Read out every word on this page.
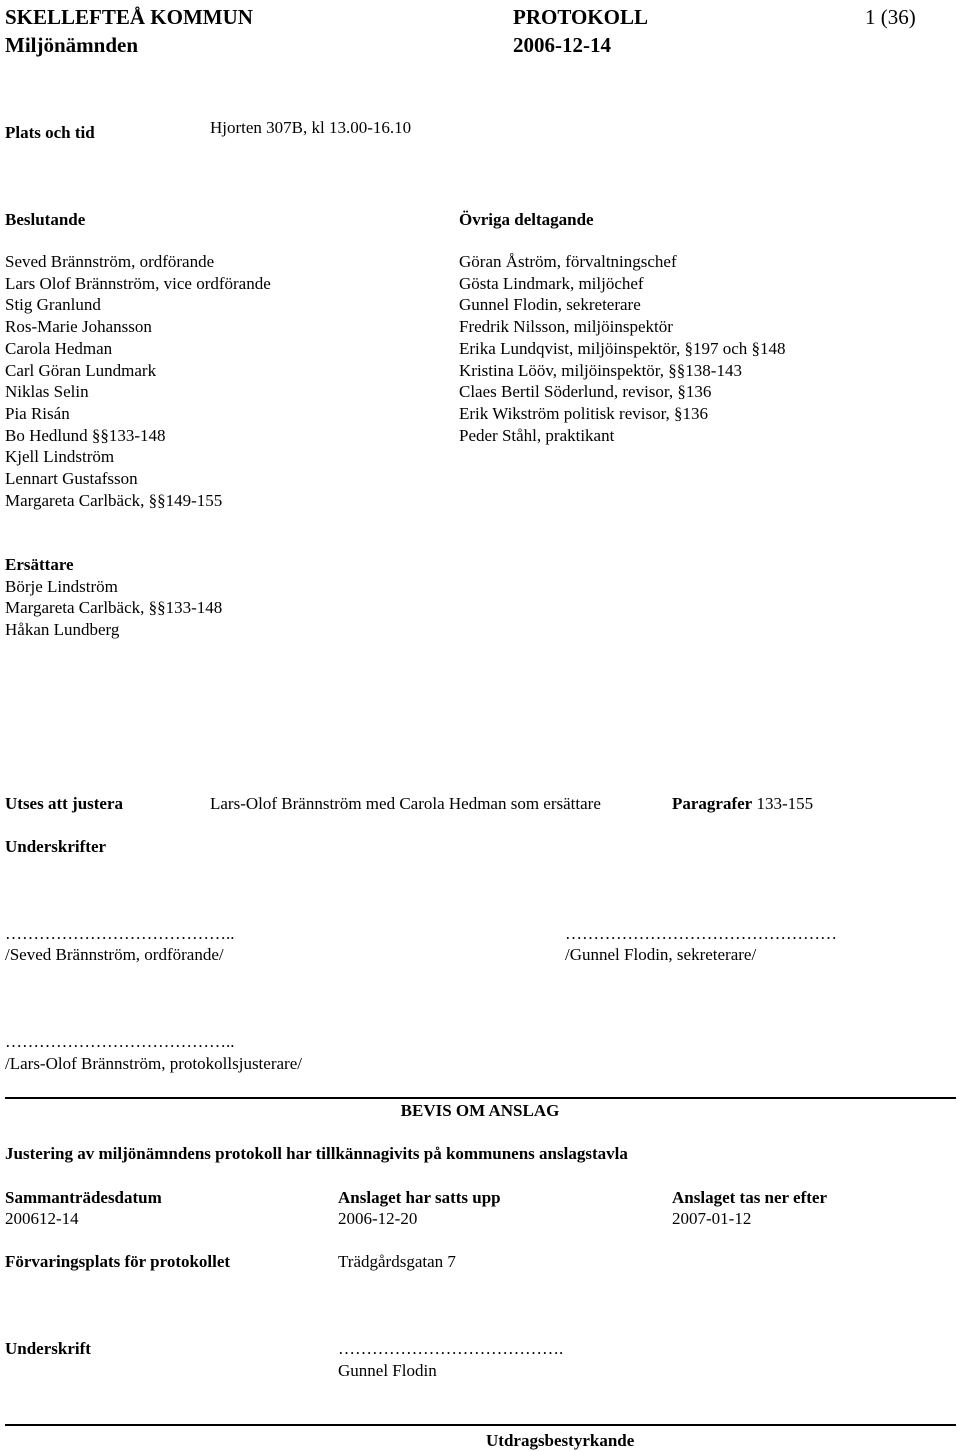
SKELLEFTEÅ KOMMUN	PROTOKOLL	1 (36)
Miljönämnden	2006-12-14
Plats och tid	Hjorten 307B, kl 13.00-16.10
Beslutande
Seved Brännström, ordförande
Lars Olof Brännström, vice ordförande
Stig Granlund
Ros-Marie Johansson
Carola Hedman
Carl Göran Lundmark
Niklas Selin
Pia Risán
Bo Hedlund §§133-148
Kjell Lindström
Lennart Gustafsson
Margareta Carlbäck, §§149-155
Övriga deltagande
Göran Åström, förvaltningschef
Gösta Lindmark, miljöchef
Gunnel Flodin, sekreterare
Fredrik Nilsson, miljöinspektör
Erika Lundqvist, miljöinspektör, §197 och §148
Kristina Lööv, miljöinspektör, §§138-143
Claes Bertil Söderlund, revisor, §136
Erik Wikström politisk revisor, §136
Peder Ståhl, praktikant
Ersättare
Börje Lindström
Margareta Carlbäck, §§133-148
Håkan Lundberg
Utses att justera	Lars-Olof Brännström med Carola Hedman som ersättare	Paragrafer 133-155
Underskrifter
…………………………………..	…………………………………………
/Seved Brännström, ordförande/	/Gunnel Flodin, sekreterare/
…………………………………..
/Lars-Olof Brännström, protokollsjusterare/
BEVIS OM ANSLAG
Justering av miljönämndens protokoll har tillkännagivits på kommunens anslagstavla
Sammanträdesdatum	Anslaget har satts upp	Anslaget tas ner efter
200612-14	2006-12-20	2007-01-12
Förvaringsplats för protokollet	Trädgårdsgatan 7
Underskrift	………………………………….
Gunnel Flodin
Utdragsbestyrkande
